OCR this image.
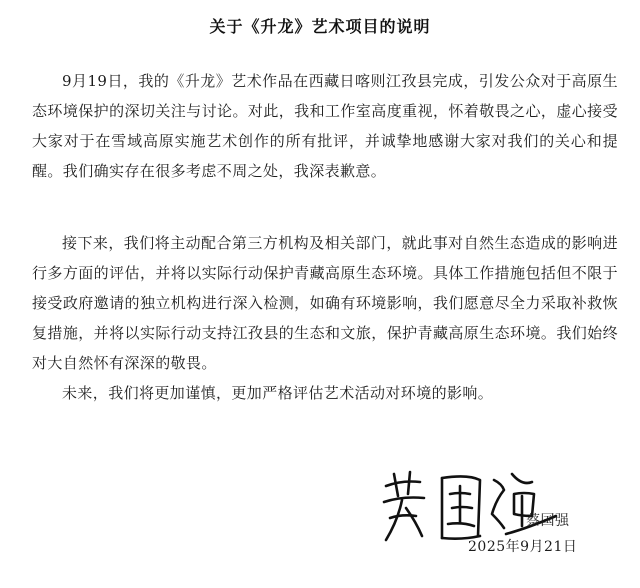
关于《升龙》艺术项目的说明

9月19日，我的《升龙》艺术作品在西藏日喀则江孜县完成，引发公众对于高原生态环境保护的深切关注与讨论。对此，我和工作室高度重视，怀着敬畏之心，虚心接受大家对于在雪域高原实施艺术创作的所有批评，并诚挚地感谢大家对我们的关心和提醒。我们确实存在很多考虑不周之处，我深表歉意。

接下来，我们将主动配合第三方机构及相关部门，就此事对自然生态造成的影响进行多方面的评估，并将以实际行动保护青藏高原生态环境。具体工作措施包括但不限于接受政府邀请的独立机构进行深入检测，如确有环境影响，我们愿意尽全力采取补救恢复措施，并将以实际行动支持江孜县的生态和文旅，保护青藏高原生态环境。我们始终对大自然怀有深深的敬畏。

未来，我们将更加谨慎，更加严格评估艺术活动对环境的影响。

蔡国强
2025年9月21日
